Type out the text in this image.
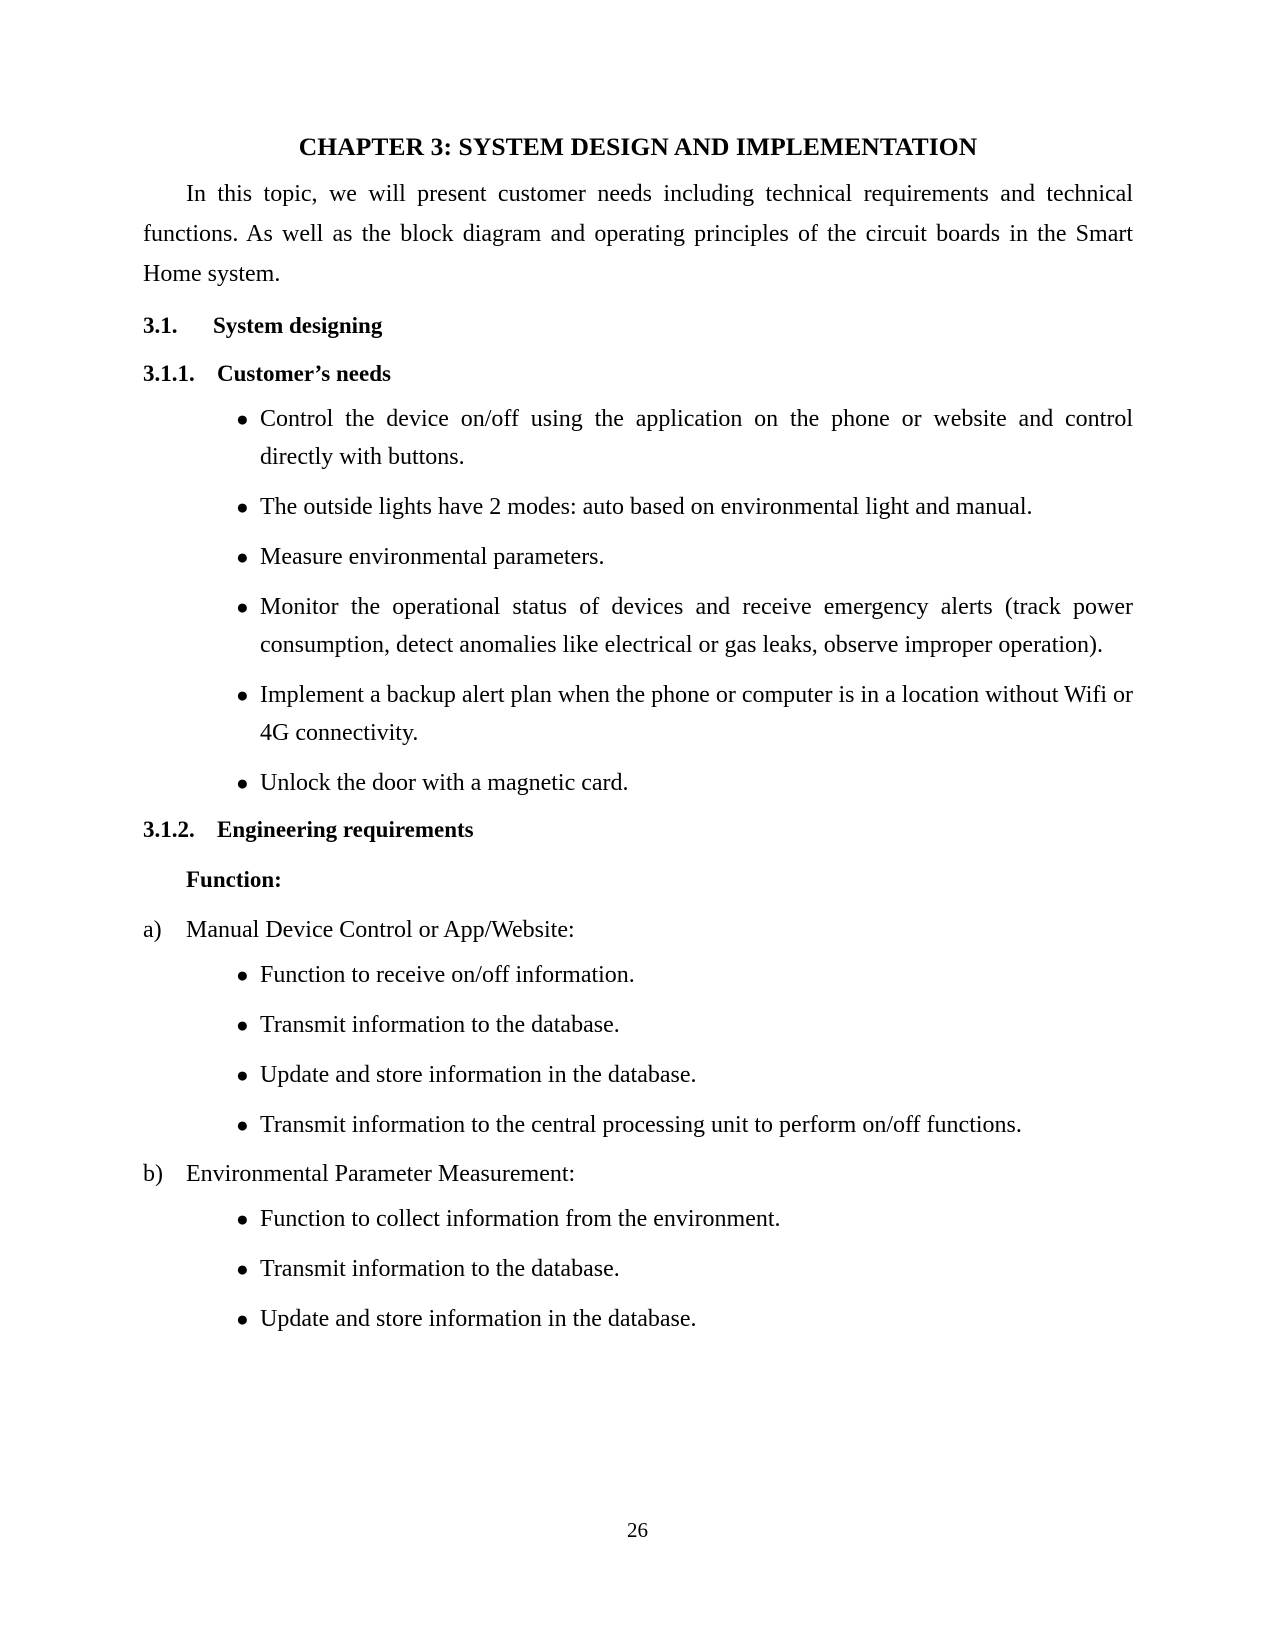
CHAPTER 3: SYSTEM DESIGN AND IMPLEMENTATION

In this topic, we will present customer needs including technical requirements and technical functions. As well as the block diagram and operating principles of the circuit boards in the Smart Home system.

3.1.	System designing
3.1.1. Customer’s needs
● Control the device on/off using the application on the phone or website and control directly with buttons.
● The outside lights have 2 modes: auto based on environmental light and manual.
● Measure environmental parameters.
● Monitor the operational status of devices and receive emergency alerts (track power consumption, detect anomalies like electrical or gas leaks, observe improper operation).
● Implement a backup alert plan when the phone or computer is in a location without Wifi or 4G connectivity.
● Unlock the door with a magnetic card.
3.1.2. Engineering requirements
Function:
a) Manual Device Control or App/Website:
● Function to receive on/off information.
● Transmit information to the database.
● Update and store information in the database.
● Transmit information to the central processing unit to perform on/off functions.
b) Environmental Parameter Measurement:
● Function to collect information from the environment.
● Transmit information to the database.
● Update and store information in the database.
26
